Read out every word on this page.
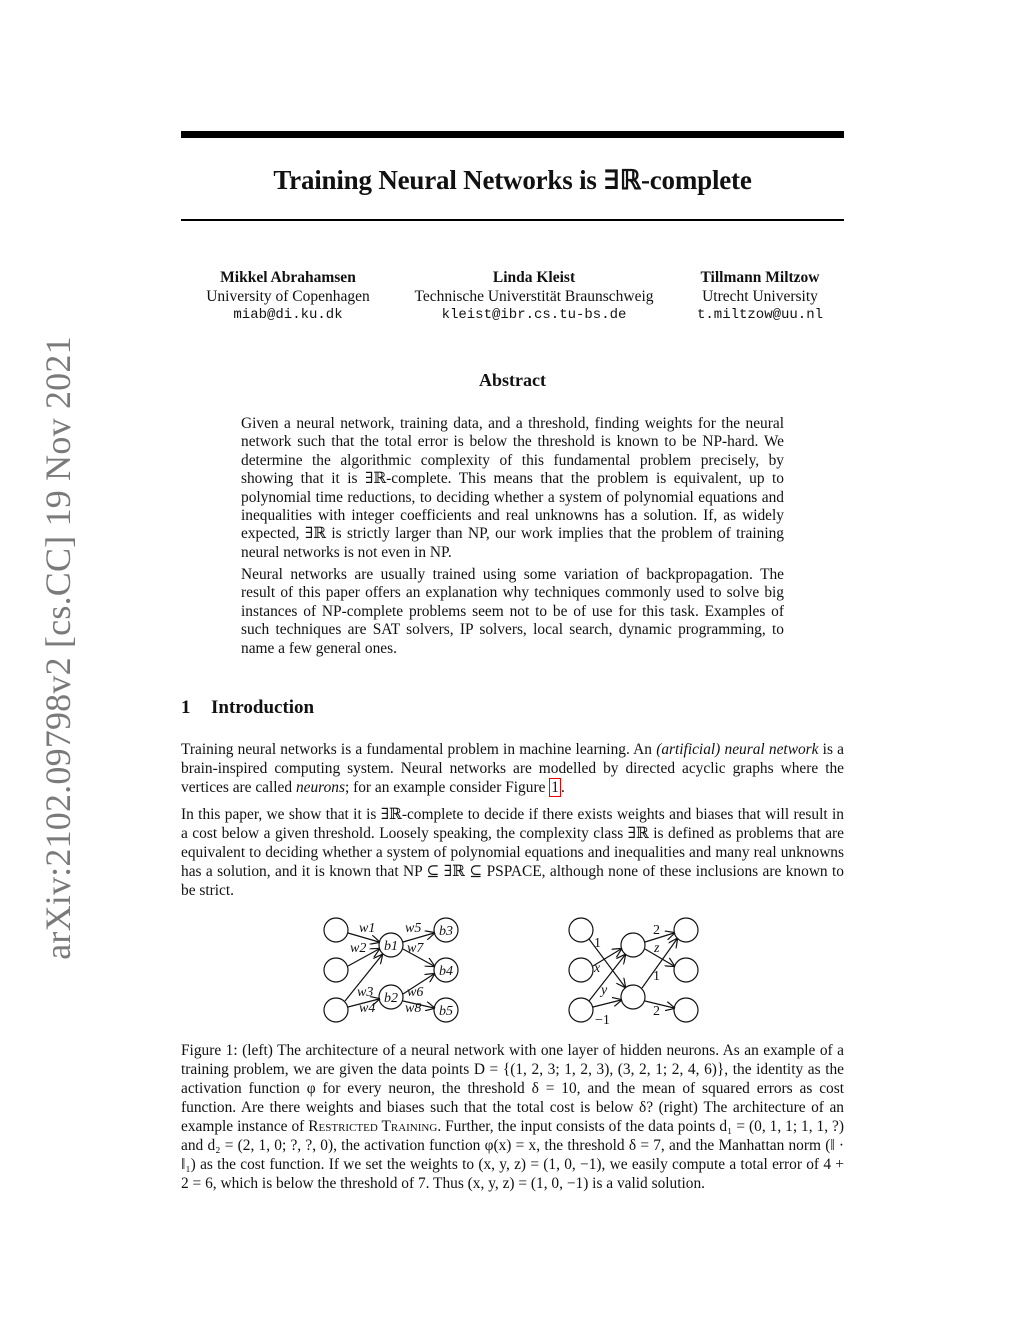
arXiv:2102.09798v2 [cs.CC] 19 Nov 2021
Training Neural Networks is ∃ℝ-complete
Mikkel Abrahamsen
University of Copenhagen
miab@di.ku.dk
Linda Kleist
Technische Universtität Braunschweig
kleist@ibr.cs.tu-bs.de
Tillmann Miltzow
Utrecht University
t.miltzow@uu.nl
Abstract

Given a neural network, training data, and a threshold, finding weights for the neural network such that the total error is below the threshold is known to be NP-hard. We determine the algorithmic complexity of this fundamental problem precisely, by showing that it is ∃ℝ-complete. This means that the problem is equivalent, up to polynomial time reductions, to deciding whether a system of polynomial equations and inequalities with integer coefficients and real unknowns has a solution. If, as widely expected, ∃ℝ is strictly larger than NP, our work implies that the problem of training neural networks is not even in NP.

Neural networks are usually trained using some variation of backpropagation. The result of this paper offers an explanation why techniques commonly used to solve big instances of NP-complete problems seem not to be of use for this task. Examples of such techniques are SAT solvers, IP solvers, local search, dynamic programming, to name a few general ones.

1 Introduction

Training neural networks is a fundamental problem in machine learning. An (artificial) neural network is a brain-inspired computing system. Neural networks are modelled by directed acyclic graphs where the vertices are called neurons; for an example consider Figure 1 .

In this paper, we show that it is ∃ℝ-complete to decide if there exists weights and biases that will result in a cost below a given threshold. Loosely speaking, the complexity class ∃ℝ is defined as problems that are equivalent to deciding whether a system of polynomial equations and inequalities and many real unknowns has a solution, and it is known that NP ⊆ ∃ℝ ⊆ PSPACE, although none of these inclusions are known to be strict.

w1
w2
w3
w4
w5
w6
w7
w8
b1
b2
b3
b4
b5
1
x
y
−1
2
z
1
2

Figure 1: (left) The architecture of a neural network with one layer of hidden neurons. As an example of a training problem, we are given the data points D = {(1, 2, 3; 1, 2, 3), (3, 2, 1; 2, 4, 6)}, the identity as the activation function φ for every neuron, the threshold δ = 10, and the mean of squared errors as cost function. Are there weights and biases such that the total cost is below δ? (right) The architecture of an example instance of Restricted Training. Further, the input consists of the data points d₁ = (0, 1, 1; 1, 1, ?) and d₂ = (2, 1, 0; ?, ?, 0), the activation function φ(x) = x, the threshold δ = 7, and the Manhattan norm (‖ · ‖₁) as the cost function. If we set the weights to (x, y, z) = (1, 0, −1), we easily compute a total error of 4 + 2 = 6, which is below the threshold of 7. Thus (x, y, z) = (1, 0, −1) is a valid solution.
